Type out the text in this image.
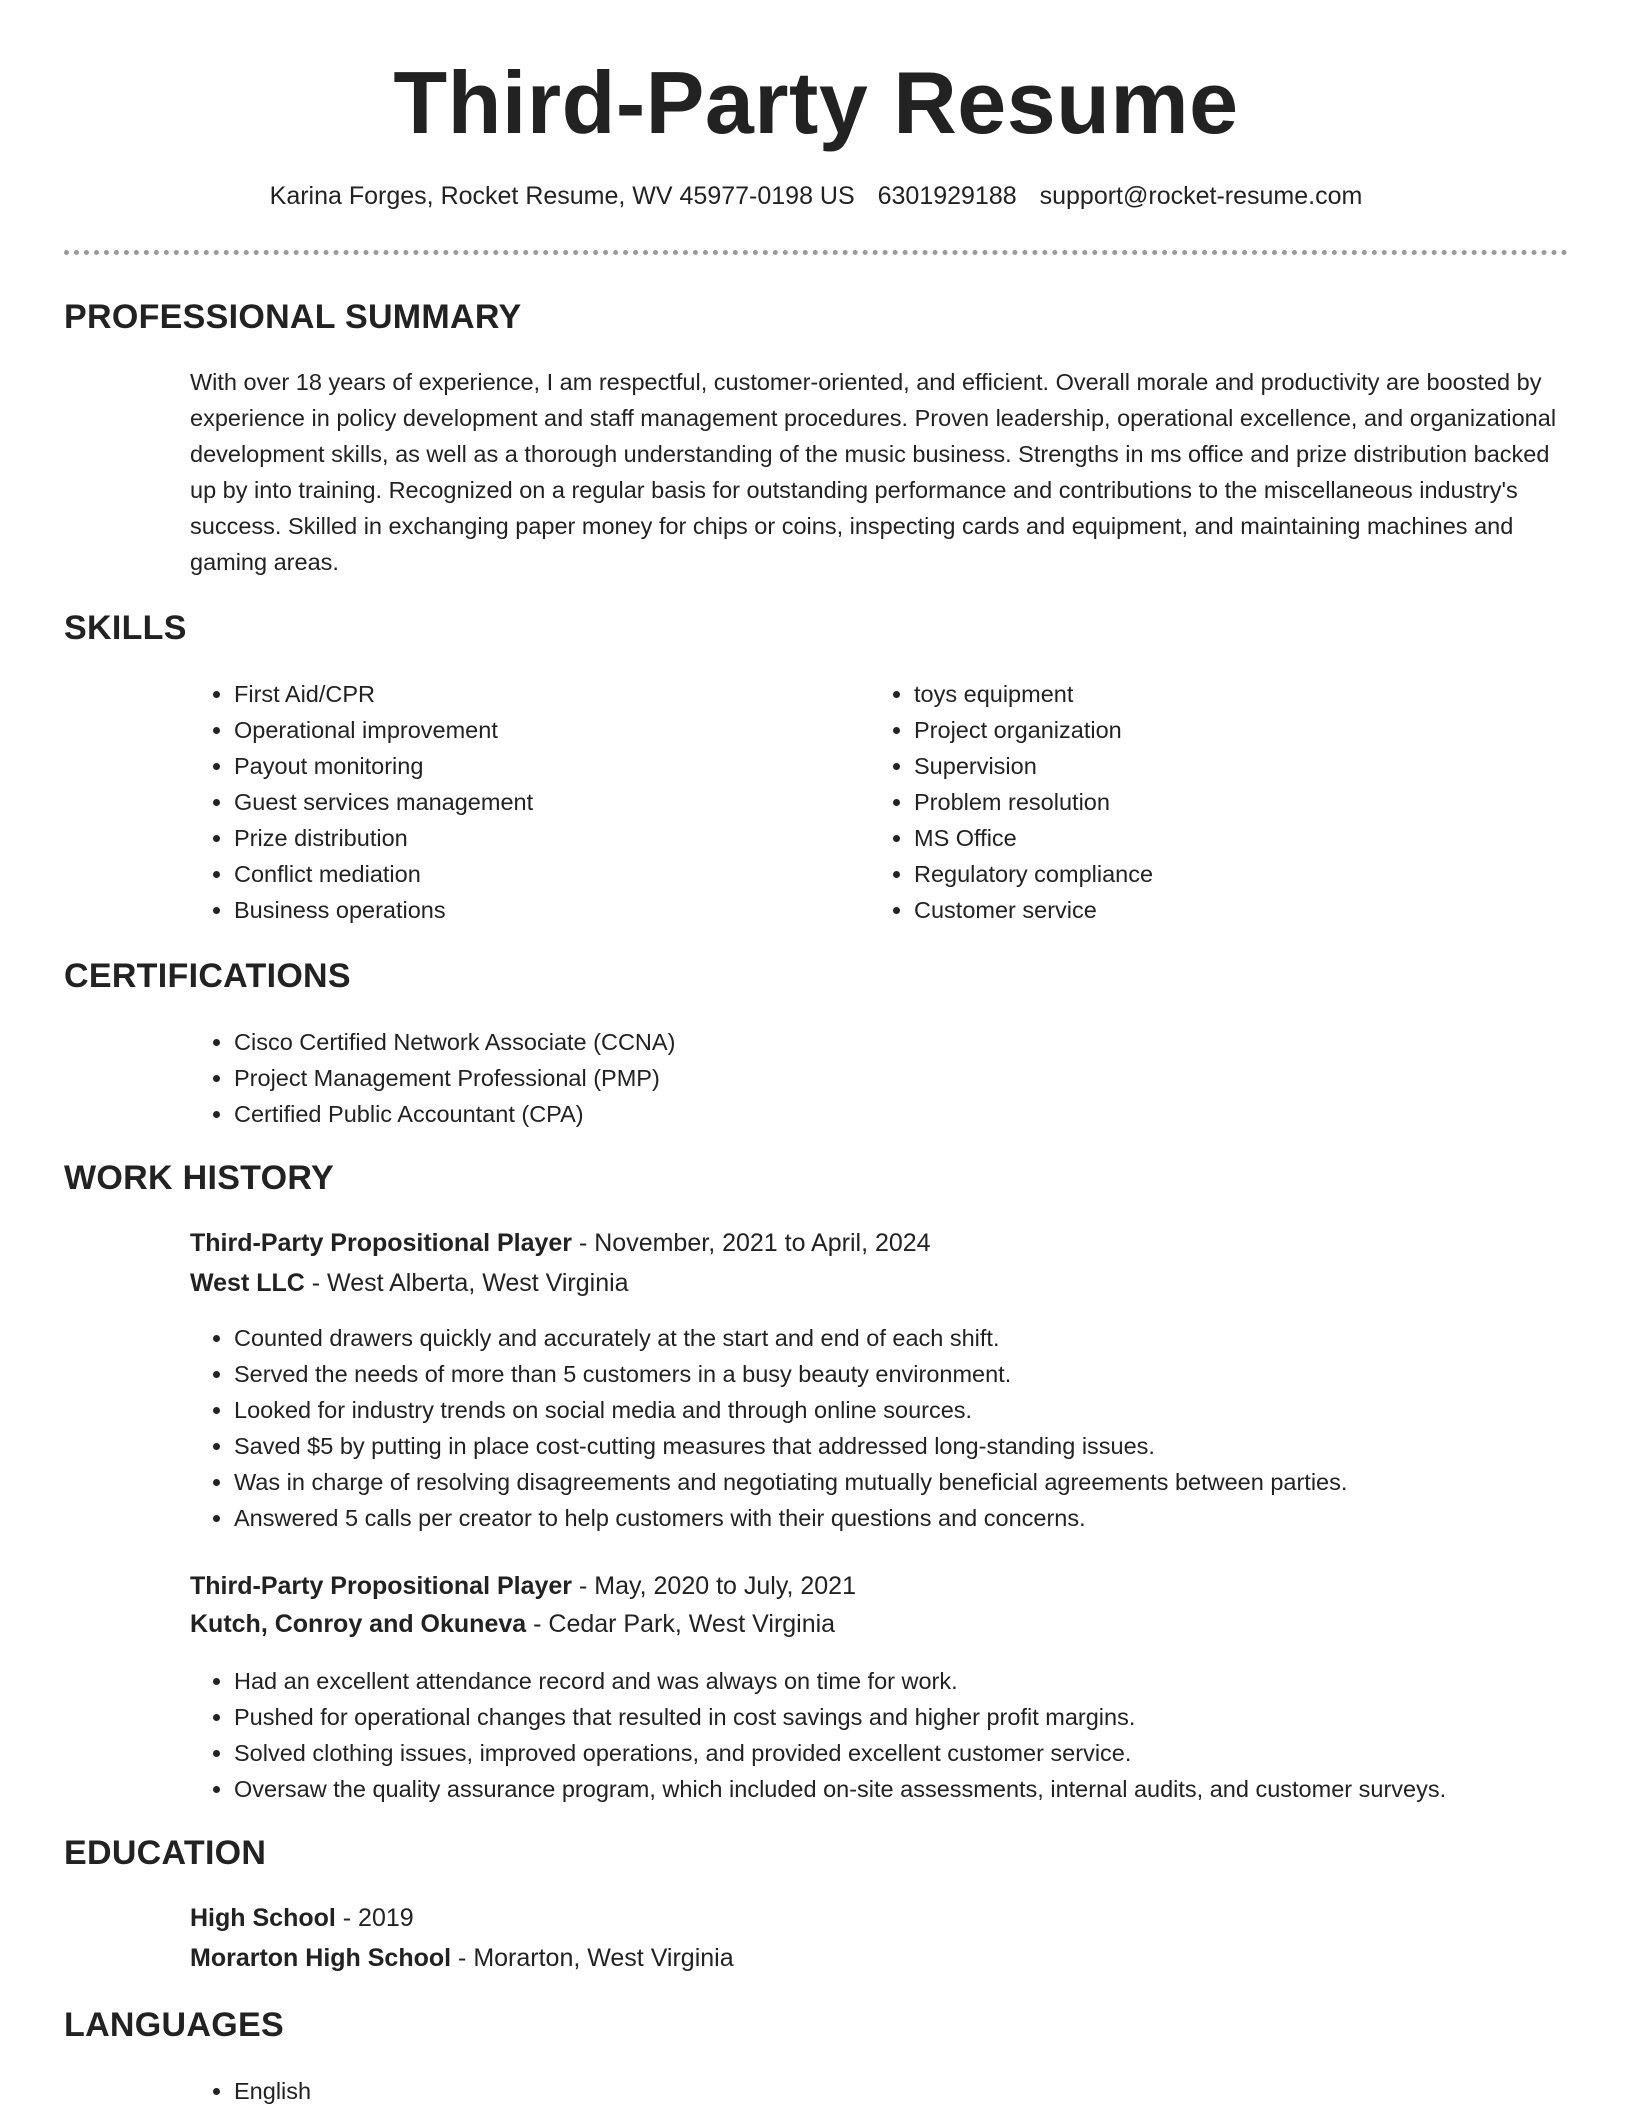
Third-Party Resume
Karina Forges, Rocket Resume, WV 45977-0198 US 6301929188 support@rocket-resume.com
PROFESSIONAL SUMMARY

With over 18 years of experience, I am respectful, customer-oriented, and efficient. Overall morale and productivity are boosted by experience in policy development and staff management procedures. Proven leadership, operational excellence, and organizational development skills, as well as a thorough understanding of the music business. Strengths in ms office and prize distribution backed up by into training. Recognized on a regular basis for outstanding performance and contributions to the miscellaneous industry's success. Skilled in exchanging paper money for chips or coins, inspecting cards and equipment, and maintaining machines and gaming areas.

SKILLS
• First Aid/CPR
• Operational improvement
• Payout monitoring
• Guest services management
• Prize distribution
• Conflict mediation
• Business operations
• toys equipment
• Project organization
• Supervision
• Problem resolution
• MS Office
• Regulatory compliance
• Customer service
CERTIFICATIONS
• Cisco Certified Network Associate (CCNA)
• Project Management Professional (PMP)
• Certified Public Accountant (CPA)
WORK HISTORY
Third-Party Propositional Player - November, 2021 to April, 2024
West LLC - West Alberta, West Virginia
• Counted drawers quickly and accurately at the start and end of each shift.
• Served the needs of more than 5 customers in a busy beauty environment.
• Looked for industry trends on social media and through online sources.
• Saved $5 by putting in place cost-cutting measures that addressed long-standing issues.
• Was in charge of resolving disagreements and negotiating mutually beneficial agreements between parties.
• Answered 5 calls per creator to help customers with their questions and concerns.
Third-Party Propositional Player - May, 2020 to July, 2021
Kutch, Conroy and Okuneva - Cedar Park, West Virginia
• Had an excellent attendance record and was always on time for work.
• Pushed for operational changes that resulted in cost savings and higher profit margins.
• Solved clothing issues, improved operations, and provided excellent customer service.
• Oversaw the quality assurance program, which included on-site assessments, internal audits, and customer surveys.
EDUCATION
High School - 2019
Morarton High School - Morarton, West Virginia
LANGUAGES
• English
